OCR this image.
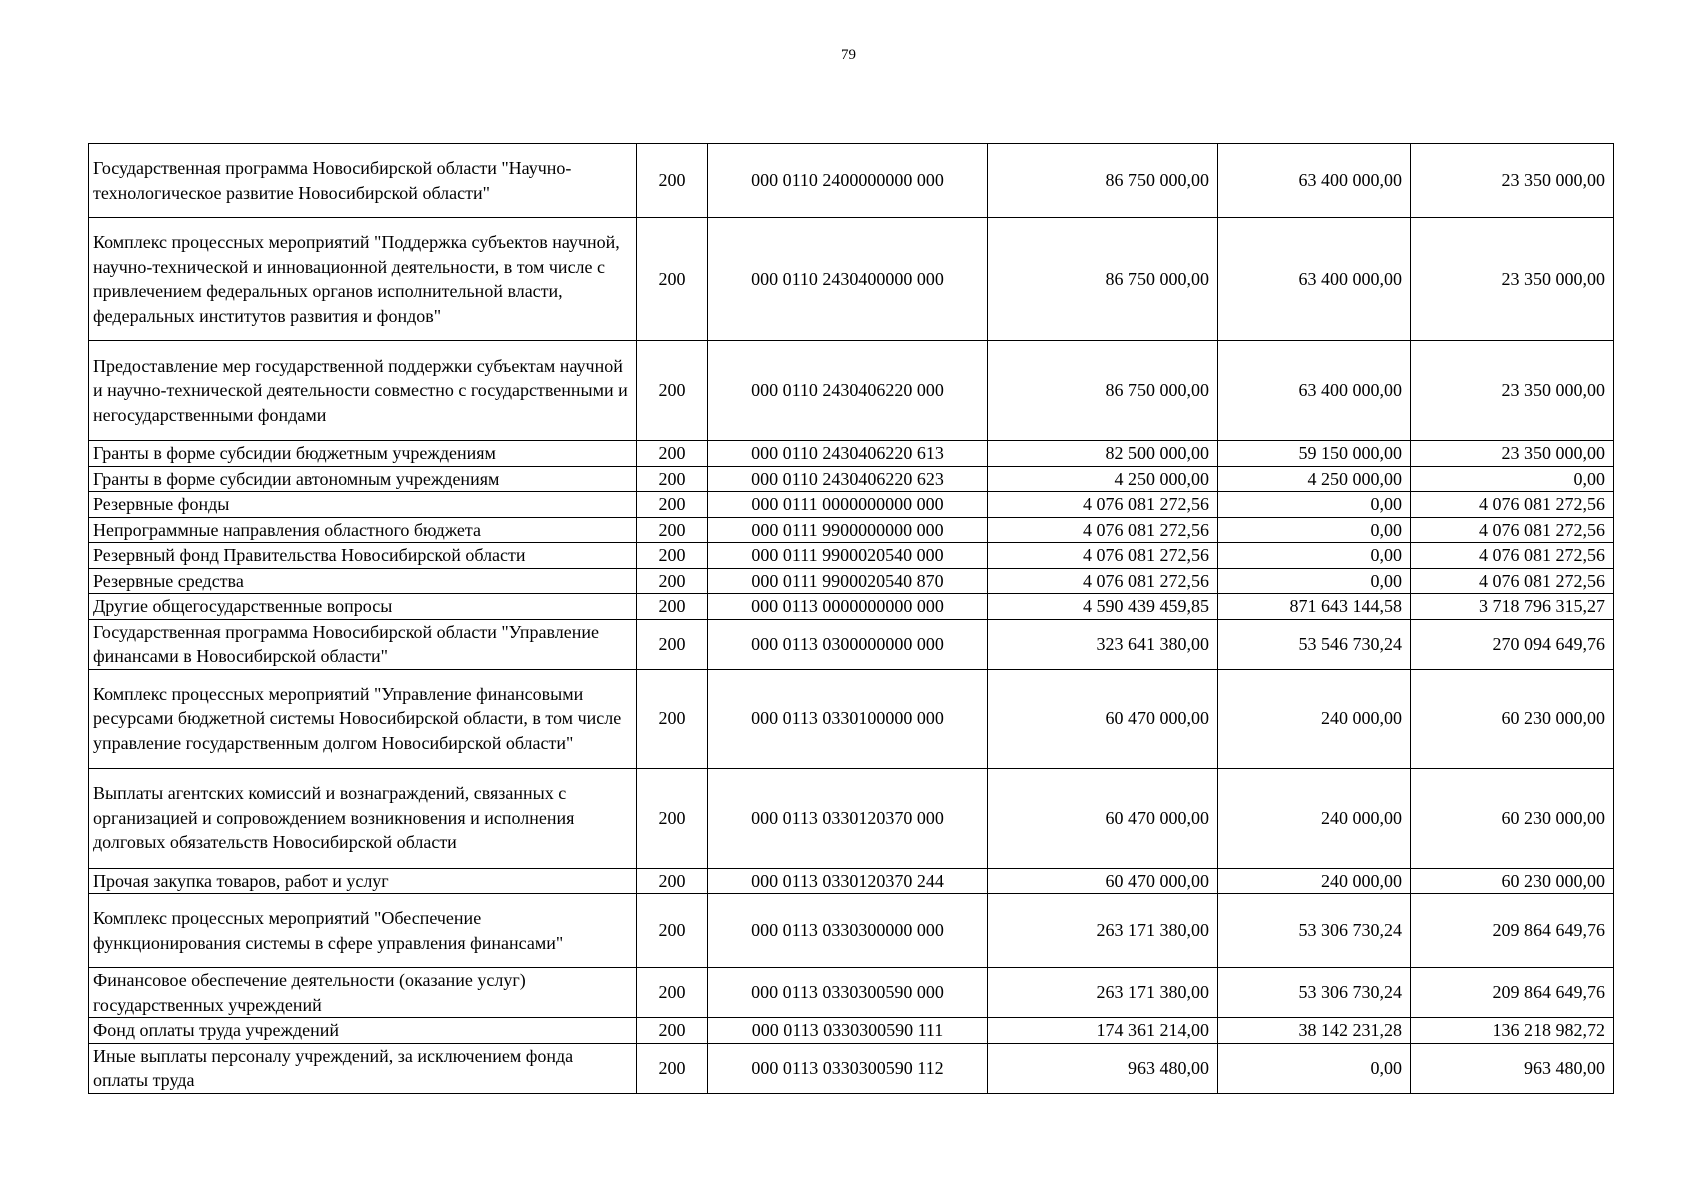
79
Государственная программа Новосибирской области "Научно-технологическое развитие Новосибирской области"	200	000 0110 2400000000 000	86 750 000,00	63 400 000,00	23 350 000,00
Комплекс процессных мероприятий "Поддержка субъектов научной, научно-технической и инновационной деятельности, в том числе с привлечением федеральных органов исполнительной власти, федеральных институтов развития и фондов"	200	000 0110 2430400000 000	86 750 000,00	63 400 000,00	23 350 000,00
Предоставление мер государственной поддержки субъектам научной и научно-технической деятельности совместно с государственными и негосударственными фондами	200	000 0110 2430406220 000	86 750 000,00	63 400 000,00	23 350 000,00
Гранты в форме субсидии бюджетным учреждениям	200	000 0110 2430406220 613	82 500 000,00	59 150 000,00	23 350 000,00
Гранты в форме субсидии автономным учреждениям	200	000 0110 2430406220 623	4 250 000,00	4 250 000,00	0,00
Резервные фонды	200	000 0111 0000000000 000	4 076 081 272,56	0,00	4 076 081 272,56
Непрограммные направления областного бюджета	200	000 0111 9900000000 000	4 076 081 272,56	0,00	4 076 081 272,56
Резервный фонд Правительства Новосибирской области	200	000 0111 9900020540 000	4 076 081 272,56	0,00	4 076 081 272,56
Резервные средства	200	000 0111 9900020540 870	4 076 081 272,56	0,00	4 076 081 272,56
Другие общегосударственные вопросы	200	000 0113 0000000000 000	4 590 439 459,85	871 643 144,58	3 718 796 315,27
Государственная программа Новосибирской области "Управление финансами в Новосибирской области"	200	000 0113 0300000000 000	323 641 380,00	53 546 730,24	270 094 649,76
Комплекс процессных мероприятий "Управление финансовыми ресурсами бюджетной системы Новосибирской области, в том числе управление государственным долгом Новосибирской области"	200	000 0113 0330100000 000	60 470 000,00	240 000,00	60 230 000,00
Выплаты агентских комиссий и вознаграждений, связанных с организацией и сопровождением возникновения и исполнения долговых обязательств Новосибирской области	200	000 0113 0330120370 000	60 470 000,00	240 000,00	60 230 000,00
Прочая закупка товаров, работ и услуг	200	000 0113 0330120370 244	60 470 000,00	240 000,00	60 230 000,00
Комплекс процессных мероприятий "Обеспечение функционирования системы в сфере управления финансами"	200	000 0113 0330300000 000	263 171 380,00	53 306 730,24	209 864 649,76
Финансовое обеспечение деятельности (оказание услуг) государственных учреждений	200	000 0113 0330300590 000	263 171 380,00	53 306 730,24	209 864 649,76
Фонд оплаты труда учреждений	200	000 0113 0330300590 111	174 361 214,00	38 142 231,28	136 218 982,72
Иные выплаты персоналу учреждений, за исключением фонда оплаты труда	200	000 0113 0330300590 112	963 480,00	0,00	963 480,00
